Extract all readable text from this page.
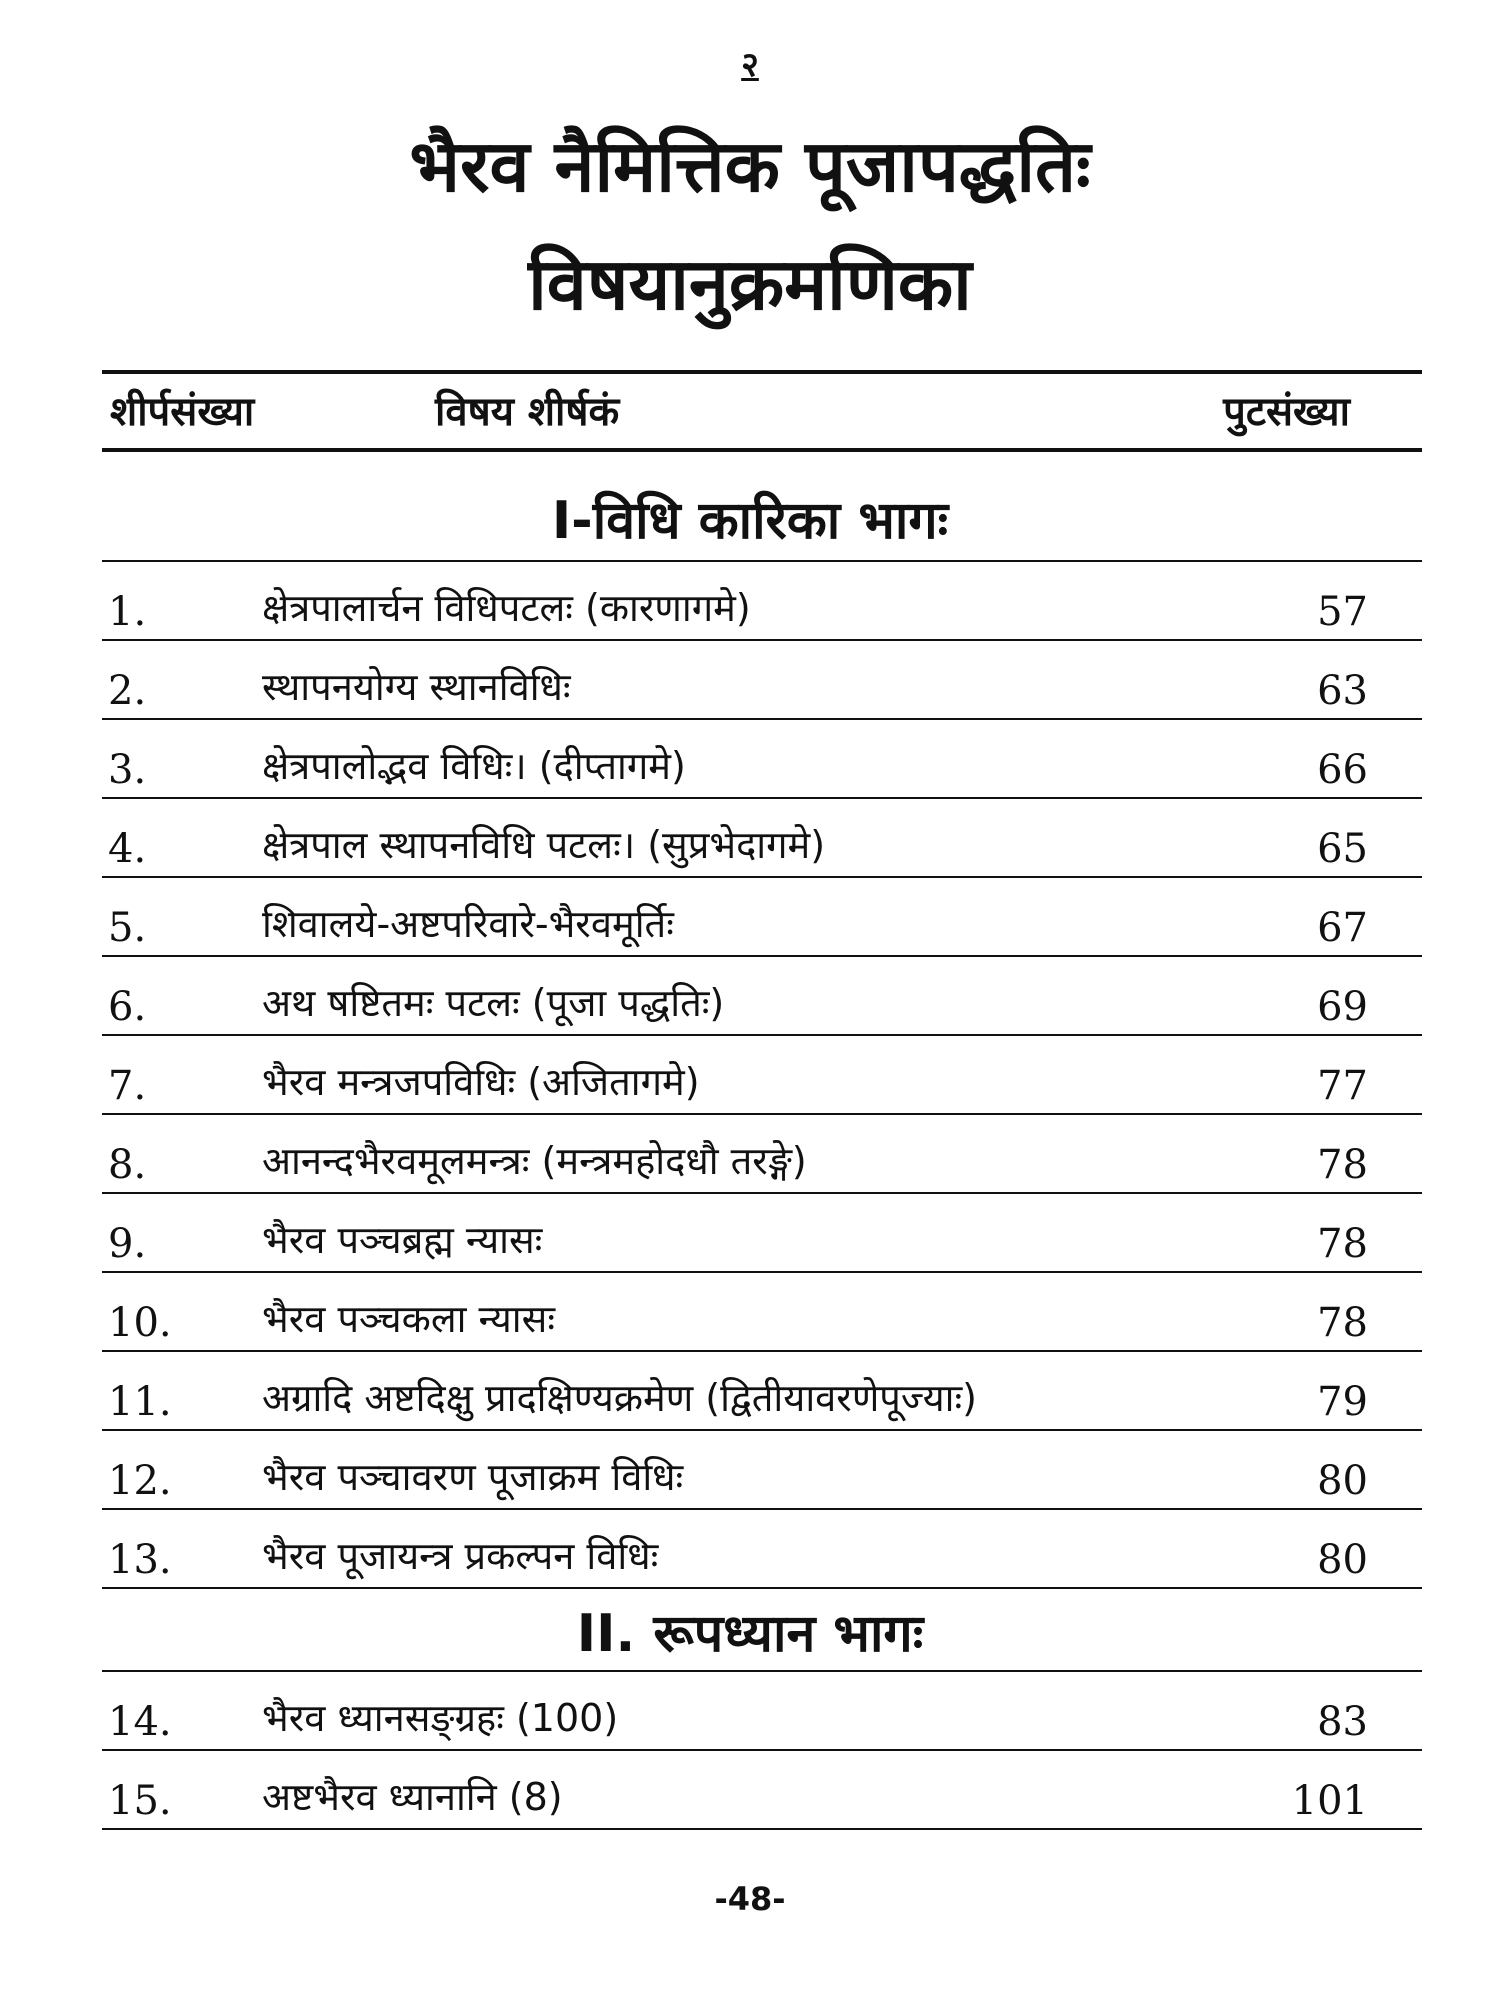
२
भैरव नैमित्तिक पूजापद्धतिः
विषयानुक्रमणिका
शीर्पसंख्या	विषय शीर्षकं	पुटसंख्या
I-विधि कारिका भागः
1.	क्षेत्रपालार्चन विधिपटलः (कारणागमे)	57
2.	स्थापनयोग्य स्थानविधिः	63
3.	क्षेत्रपालोद्भव विधिः। (दीप्तागमे)	66
4.	क्षेत्रपाल स्थापनविधि पटलः। (सुप्रभेदागमे)	65
5.	शिवालये-अष्टपरिवारे-भैरवमूर्तिः	67
6.	अथ षष्टितमः पटलः (पूजा पद्धतिः)	69
7.	भैरव मन्त्रजपविधिः (अजितागमे)	77
8.	आनन्दभैरवमूलमन्त्रः (मन्त्रमहोदधौ तरङ्गे)	78
9.	भैरव पञ्चब्रह्म न्यासः	78
10. भैरव पञ्चकला न्यासः	78
11. अग्रादि अष्टदिक्षु प्रादक्षिण्यक्रमेण (द्वितीयावरणेपूज्याः)	79
12. भैरव पञ्चावरण पूजाक्रम विधिः	80
13. भैरव पूजायन्त्र प्रकल्पन विधिः	80
II. रूपध्यान भागः
14. भैरव ध्यानसङ्ग्रहः (100)	83
15. अष्टभैरव ध्यानानि (8)	101
-48-
